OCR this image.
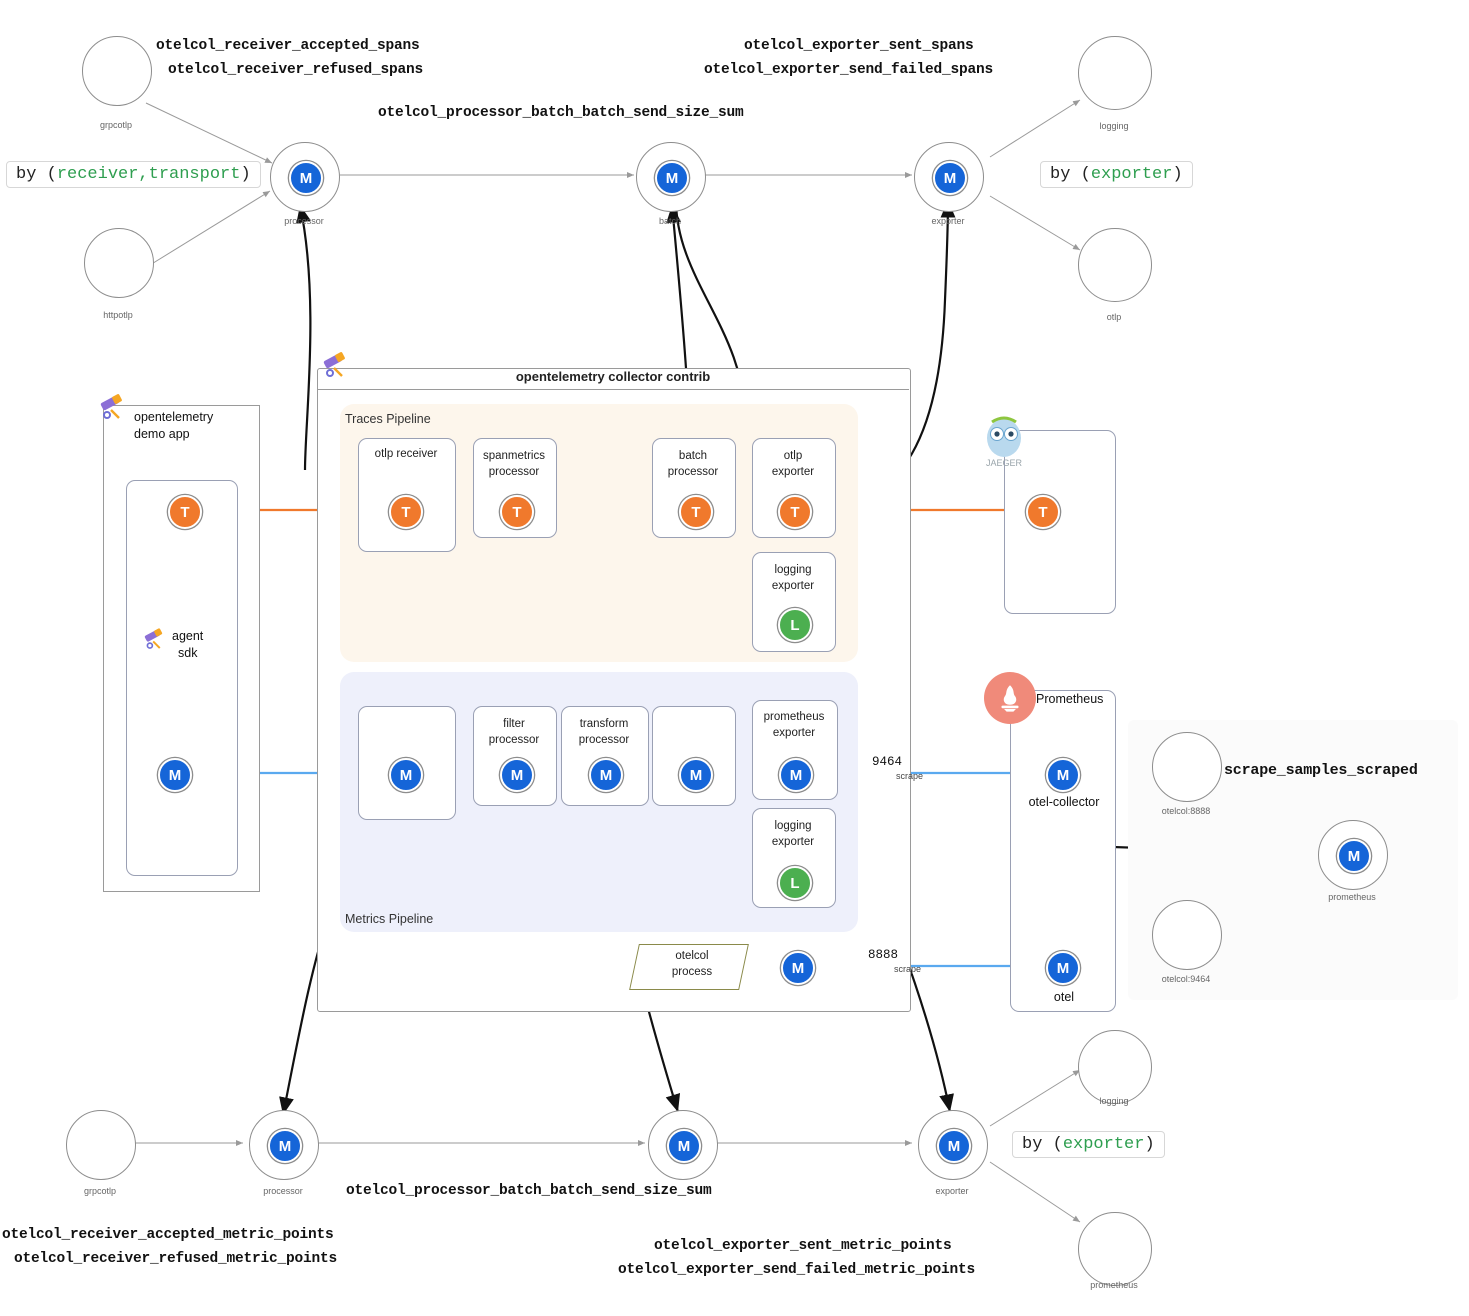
otelcol_receiver_accepted_spans
otelcol_receiver_refused_spans
otelcol_exporter_sent_spans
otelcol_exporter_send_failed_spans
otelcol_processor_batch_batch_send_size_sum
by (receiver,transport)	by (exporter)
by (exporter)
grpcotlp
httpotlp
M
processor
M
batch
M
exporter
logging
otlp
opentelemetry collector contrib
Traces Pipeline
Metrics Pipeline
opentelemetry
demo app
agent
sdk
T
M
otlp receiver
T
spanmetrics
processor
T
batch
processor
T
otlp
exporter
T
logging
exporter
L
M
filter
processor
M
transform
processor
M	M
prometheus
exporter
M
logging
exporter
L
otelcol
process	M
JAEGER
T
Prometheus
M
otel-collector
M
otel
9464
scrape
8888
scrape
otelcol:8888
otelcol:9464
M
prometheus
scrape_samples_scraped
grpcotlp
M
processor
M	M
exporter
logging
prometheus
otelcol_processor_batch_batch_send_size_sum
otelcol_receiver_accepted_metric_points
otelcol_receiver_refused_metric_points
otelcol_exporter_sent_metric_points
otelcol_exporter_send_failed_metric_points
